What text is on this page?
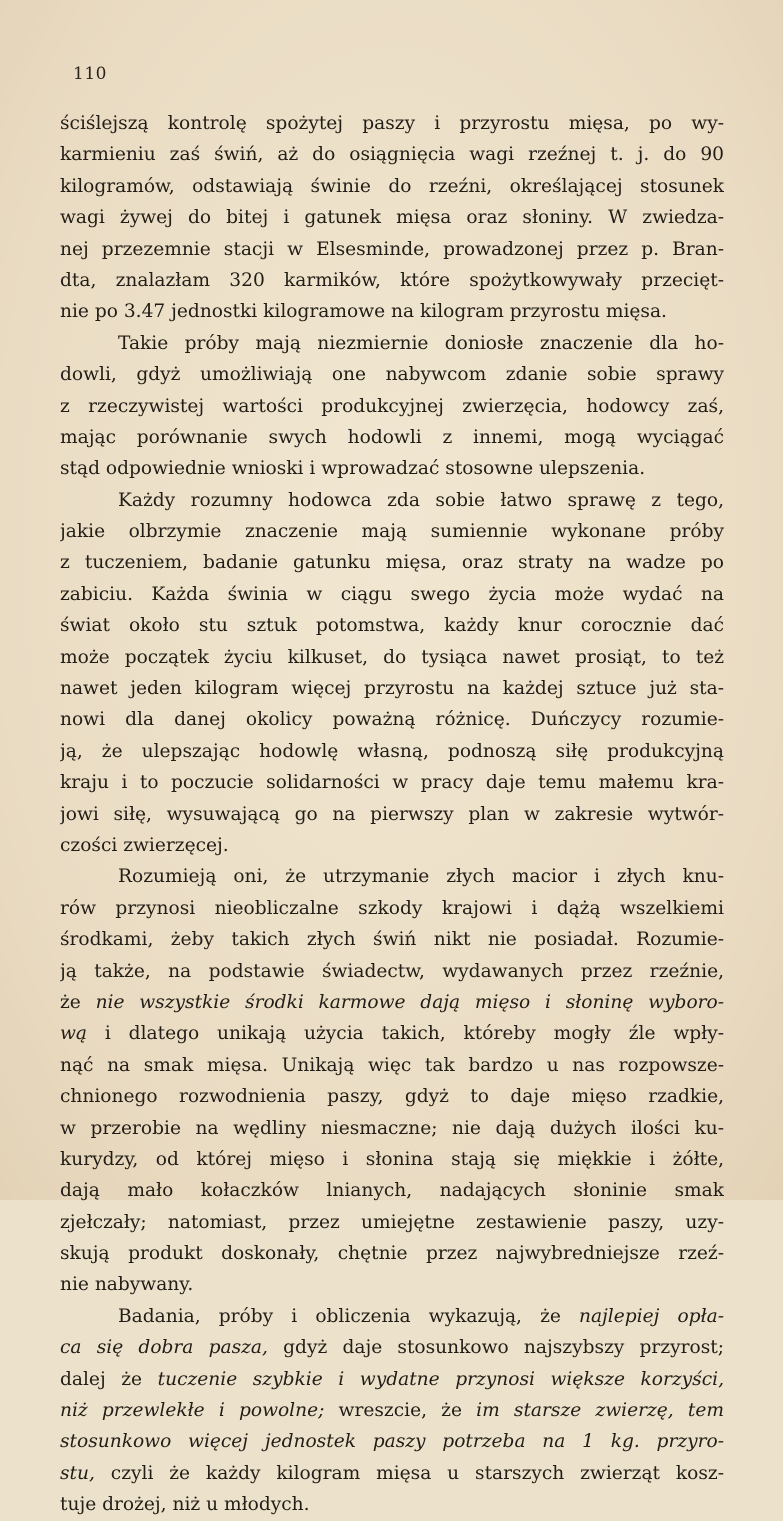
110
ściślejszą kontrolę spożytej paszy i przyrostu mięsa, po wy-
karmieniu zaś świń, aż do osiągnięcia wagi rzeźnej t. j. do 90
kilogramów, odstawiają świnie do rzeźni, określającej stosunek
wagi żywej do bitej i gatunek mięsa oraz słoniny. W zwiedza-
nej przezemnie stacji w Elsesminde, prowadzonej przez p. Bran-
dta, znalazłam 320 karmików, które spożytkowywały przecięt-
nie po 3.47 jednostki kilogramowe na kilogram przyrostu mięsa.
Takie próby mają niezmiernie doniosłe znaczenie dla ho-
dowli, gdyż umożliwiają one nabywcom zdanie sobie sprawy
z rzeczywistej wartości produkcyjnej zwierzęcia, hodowcy zaś,
mając porównanie swych hodowli z innemi, mogą wyciągać
stąd odpowiednie wnioski i wprowadzać stosowne ulepszenia.
Każdy rozumny hodowca zda sobie łatwo sprawę z tego,
jakie olbrzymie znaczenie mają sumiennie wykonane próby
z tuczeniem, badanie gatunku mięsa, oraz straty na wadze po
zabiciu. Każda świnia w ciągu swego życia może wydać na
świat około stu sztuk potomstwa, każdy knur corocznie dać
może początek życiu kilkuset, do tysiąca nawet prosiąt, to też
nawet jeden kilogram więcej przyrostu na każdej sztuce już sta-
nowi dla danej okolicy poważną różnicę. Duńczycy rozumie-
ją, że ulepszając hodowlę własną, podnoszą siłę produkcyjną
kraju i to poczucie solidarności w pracy daje temu małemu kra-
jowi siłę, wysuwającą go na pierwszy plan w zakresie wytwór-
czości zwierzęcej.
Rozumieją oni, że utrzymanie złych macior i złych knu-
rów przynosi nieobliczalne szkody krajowi i dążą wszelkiemi
środkami, żeby takich złych świń nikt nie posiadał. Rozumie-
ją także, na podstawie świadectw, wydawanych przez rzeźnie,
że nie wszystkie środki karmowe dają mięso i słoninę wyboro-
wą i dlatego unikają użycia takich, któreby mogły źle wpły-
nąć na smak mięsa. Unikają więc tak bardzo u nas rozpowsze-
chnionego rozwodnienia paszy, gdyż to daje mięso rzadkie,
w przerobie na wędliny niesmaczne; nie dają dużych ilości ku-
kurydzy, od której mięso i słonina stają się miękkie i żółte,
dają mało kołaczków lnianych, nadających słoninie smak
zjełczały; natomiast, przez umiejętne zestawienie paszy, uzy-
skują produkt doskonały, chętnie przez najwybredniejsze rzeź-
nie nabywany.
Badania, próby i obliczenia wykazują, że najlepiej opła-
ca się dobra pasza, gdyż daje stosunkowo najszybszy przyrost;
dalej że tuczenie szybkie i wydatne przynosi większe korzyści,
niż przewlekłe i powolne; wreszcie, że im starsze zwierzę, tem
stosunkowo więcej jednostek paszy potrzeba na 1 kg. przyro-
stu, czyli że każdy kilogram mięsa u starszych zwierząt kosz-
tuje drożej, niż u młodych.
